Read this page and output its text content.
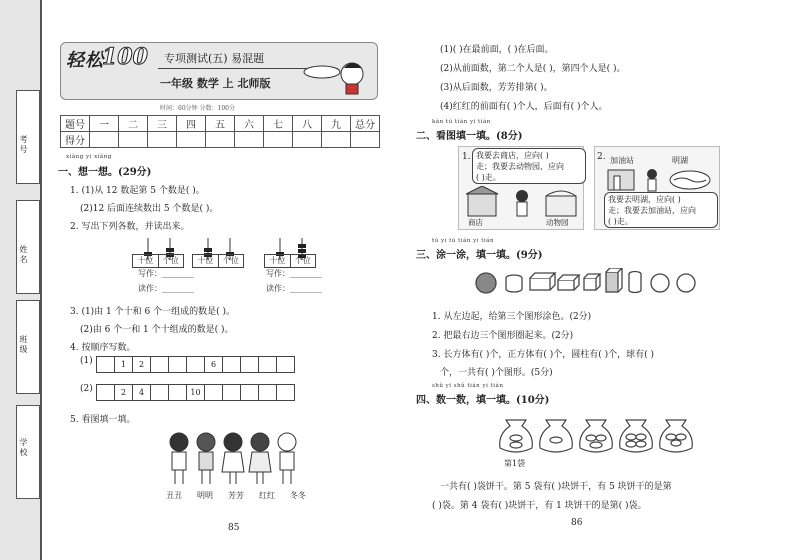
考号
姓名
班级
学校
轻松
100 专项测试(五) 易混题
一年级 数学 上 北师版
时间：60分钟 分数：100分
题号	一	二	三	四	五	六	七	八	九	总分
得分										
xiǎng yi xiǎng
一、想一想。(29分)
1. (1)从 12 数起第 5 个数是( )。
(2)12 后面连续数出 5 个数是( )。
2. 写出下列各数，并读出来。
十位	个位
写作：________
读作：________
十位	个位	十位	个位
写作：________
读作：________
3. (1)由 1 个十和 6 个一组成的数是( )。
(2)由 6 个一和 1 个十组成的数是( )。
4. 按顺序写数。
(1)
		1	2				6				
(2)
		2	4			10					
5. 看图填一填。
丑丑 明明 芳芳 红红 冬冬
85
(1)( )在最前面，( )在后面。
(2)从前面数，第二个人是( )，第四个人是( )。
(3)从后面数，芳芳排第( )。
(4)红红的前面有( )个人，后面有( )个人。
kàn tú tián yi tián
二、看图填一填。(8分)
1. 我要去商店，应向( )
走；我要去动物园，应向
( )走。
商店	动物园
2. 加油站	明湖
我要去明湖，应向( )
走；我要去加油站，应向
( )走。
tú yi tú tián yi tián
三、涂一涂，填一填。(9分)
1. 从左边起，给第三个图形涂色。(2分)
2. 把最右边三个图形圈起来。(2分)
3. 长方体有( )个，正方体有( )个，圆柱有( )个，球有( )
个，一共有( )个图形。(5分)
shǔ yi shǔ tián yi tián
四、数一数，填一填。(10分)
第1袋
一共有( )袋饼干。第 5 袋有( )块饼干，有 5 块饼干的是第
( )袋。第 4 袋有( )块饼干，有 1 块饼干的是第( )袋。
86
